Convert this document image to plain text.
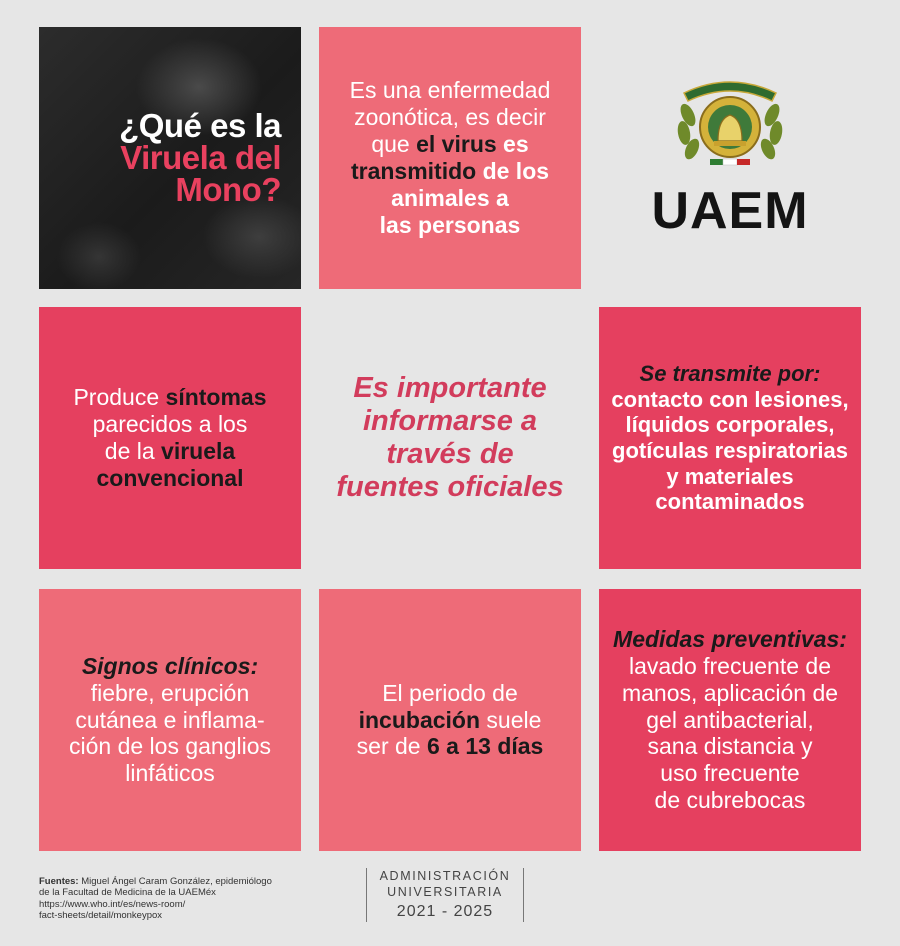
¿Qué es la
Viruela del
Mono?
Es una enfermedad
zoonótica, es decir
que el virus es
transmitido de los
animales a
las personas	UAEM
Produce síntomas
parecidos a los
de la viruela
convencional
Es importante
informarse a
través de
fuentes oficiales
Se transmite por:
contacto con lesiones,
líquidos corporales,
gotículas respiratorias
y materiales
contaminados
Signos clínicos:
fiebre, erupción
cutánea e inflama-
ción de los ganglios
linfáticos
El periodo de
incubación suele
ser de 6 a 13 días
Medidas preventivas:
lavado frecuente de
manos, aplicación de
gel antibacterial,
sana distancia y
uso frecuente
de cubrebocas
Fuentes: Miguel Ángel Caram González, epidemiólogo
de la Facultad de Medicina de la UAEMéx
https://www.who.int/es/news-room/
fact-sheets/detail/monkeypox
ADMINISTRACIÓN
UNIVERSITARIA
2021 - 2025
